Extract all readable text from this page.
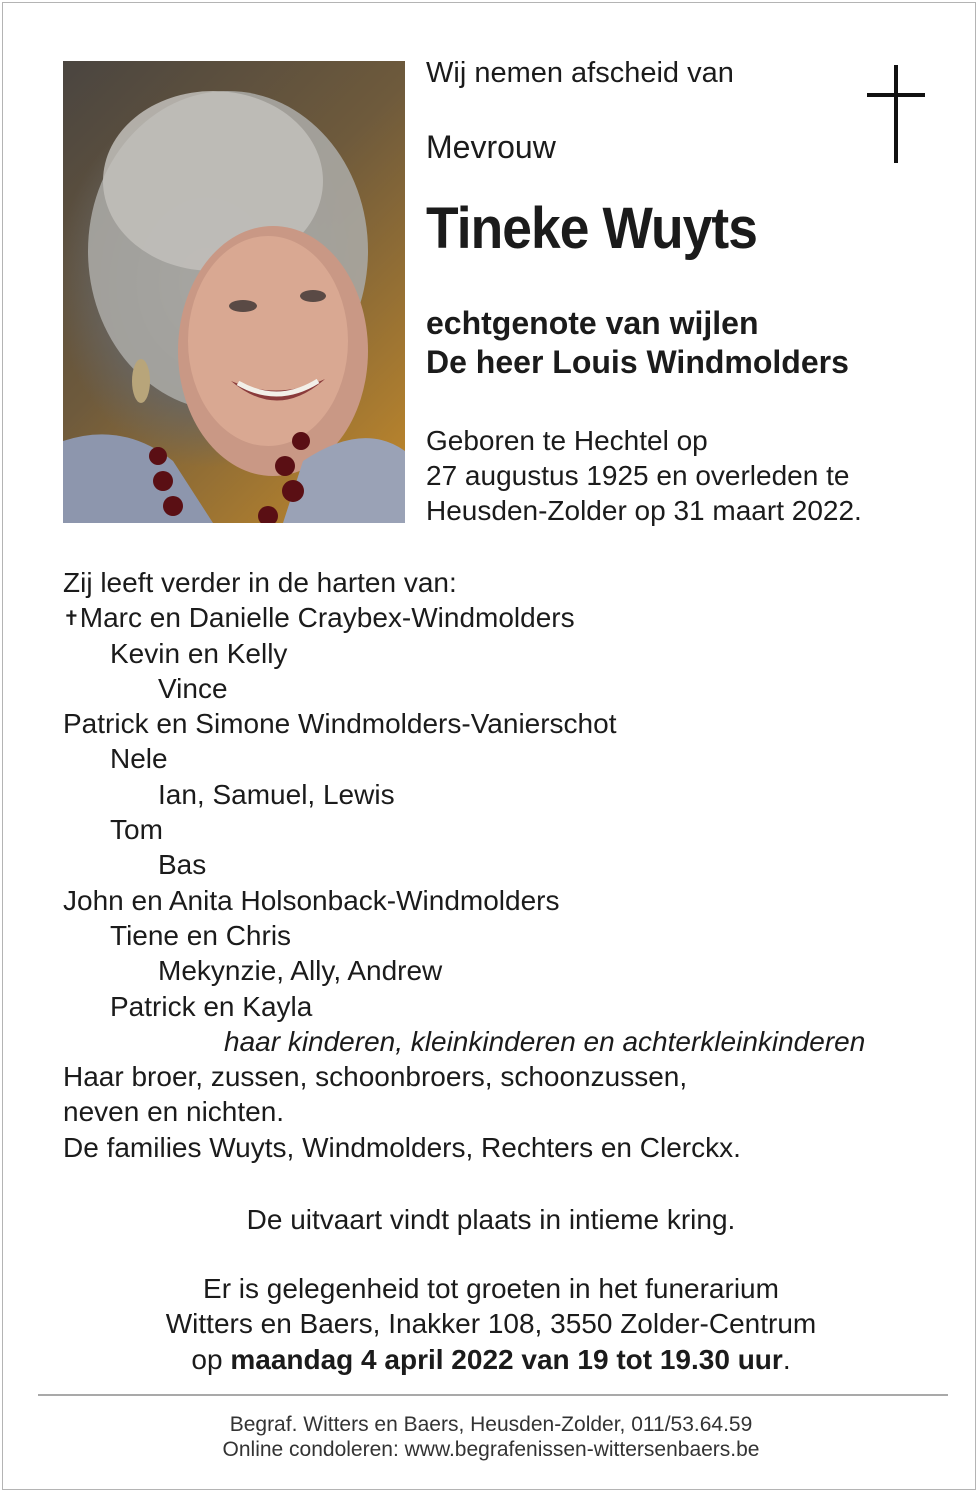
Wij nemen afscheid van
Mevrouw
Tineke Wuyts
echtgenote van wijlen
De heer Louis Windmolders
Geboren te Hechtel op
27 augustus 1925 en overleden te
Heusden-Zolder op 31 maart 2022.
Zij leeft verder in de harten van:
✝Marc en Danielle Craybex-Windmolders
Kevin en Kelly
Vince
Patrick en Simone Windmolders-Vanierschot
Nele
Ian, Samuel, Lewis
Tom
Bas
John en Anita Holsonback-Windmolders
Tiene en Chris
Mekynzie, Ally, Andrew
Patrick en Kayla
haar kinderen, kleinkinderen en achterkleinkinderen
Haar broer, zussen, schoonbroers, schoonzussen,
neven en nichten.
De families Wuyts, Windmolders, Rechters en Clerckx.
De uitvaart vindt plaats in intieme kring.
Er is gelegenheid tot groeten in het funerarium
Witters en Baers, Inakker 108, 3550 Zolder-Centrum
op maandag 4 april 2022 van 19 tot 19.30 uur.
Begraf. Witters en Baers, Heusden-Zolder, 011/53.64.59
Online condoleren: www.begrafenissen-wittersenbaers.be
